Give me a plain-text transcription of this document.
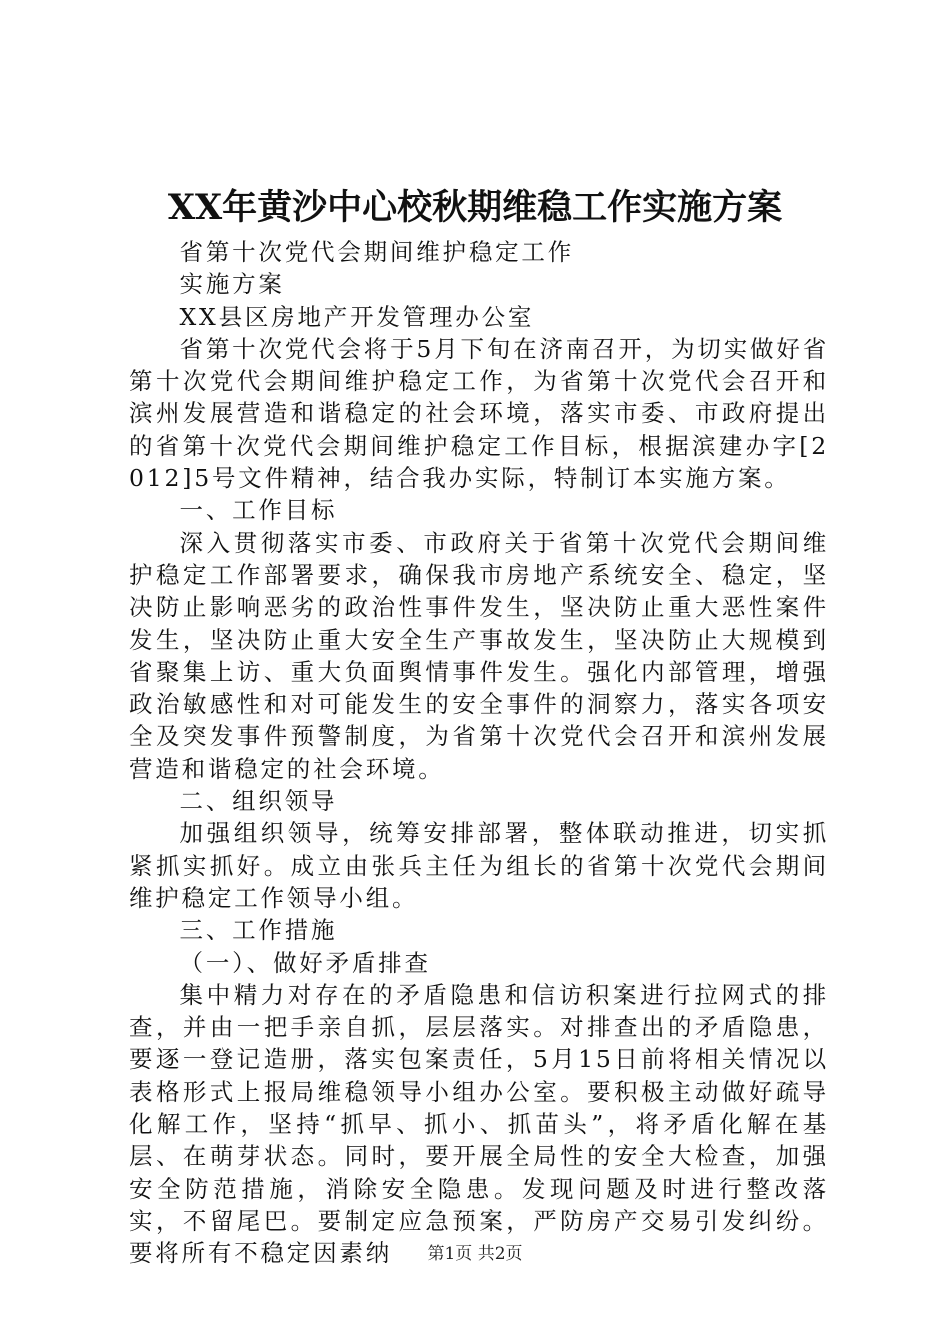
XX年黄沙中心校秋期维稳工作实施方案

省第十次党代会期间维护稳定工作

实施方案

XX县区房地产开发管理办公室

省第十次党代会将于5月下旬在济南召开，为切实做好省第十次党代会期间维护稳定工作，为省第十次党代会召开和滨州发展营造和谐稳定的社会环境，落实市委、市政府提出的省第十次党代会期间维护稳定工作目标，根据滨建办字[2012]5号文件精神，结合我办实际，特制订本实施方案。

一、工作目标

深入贯彻落实市委、市政府关于省第十次党代会期间维护稳定工作部署要求，确保我市房地产系统安全、稳定，坚决防止影响恶劣的政治性事件发生，坚决防止重大恶性案件发生，坚决防止重大安全生产事故发生，坚决防止大规模到省聚集上访、重大负面舆情事件发生。强化内部管理，增强政治敏感性和对可能发生的安全事件的洞察力，落实各项安全及突发事件预警制度，为省第十次党代会召开和滨州发展营造和谐稳定的社会环境。

二、组织领导

加强组织领导，统筹安排部署，整体联动推进，切实抓紧抓实抓好。成立由张兵主任为组长的省第十次党代会期间维护稳定工作领导小组。

三、工作措施

（一）、做好矛盾排查

集中精力对存在的矛盾隐患和信访积案进行拉网式的排查，并由一把手亲自抓，层层落实。对排查出的矛盾隐患，要逐一登记造册，落实包案责任，5月15日前将相关情况以表格形式上报局维稳领导小组办公室。要积极主动做好疏导化解工作，坚持“抓早、抓小、抓苗头”，将矛盾化解在基层、在萌芽状态。同时，要开展全局性的安全大检查，加强安全防范措施，消除安全隐患。发现问题及时进行整改落实，不留尾巴。要制定应急预案，严防房产交易引发纠纷。要将所有不稳定因素纳	第1页 共2页
